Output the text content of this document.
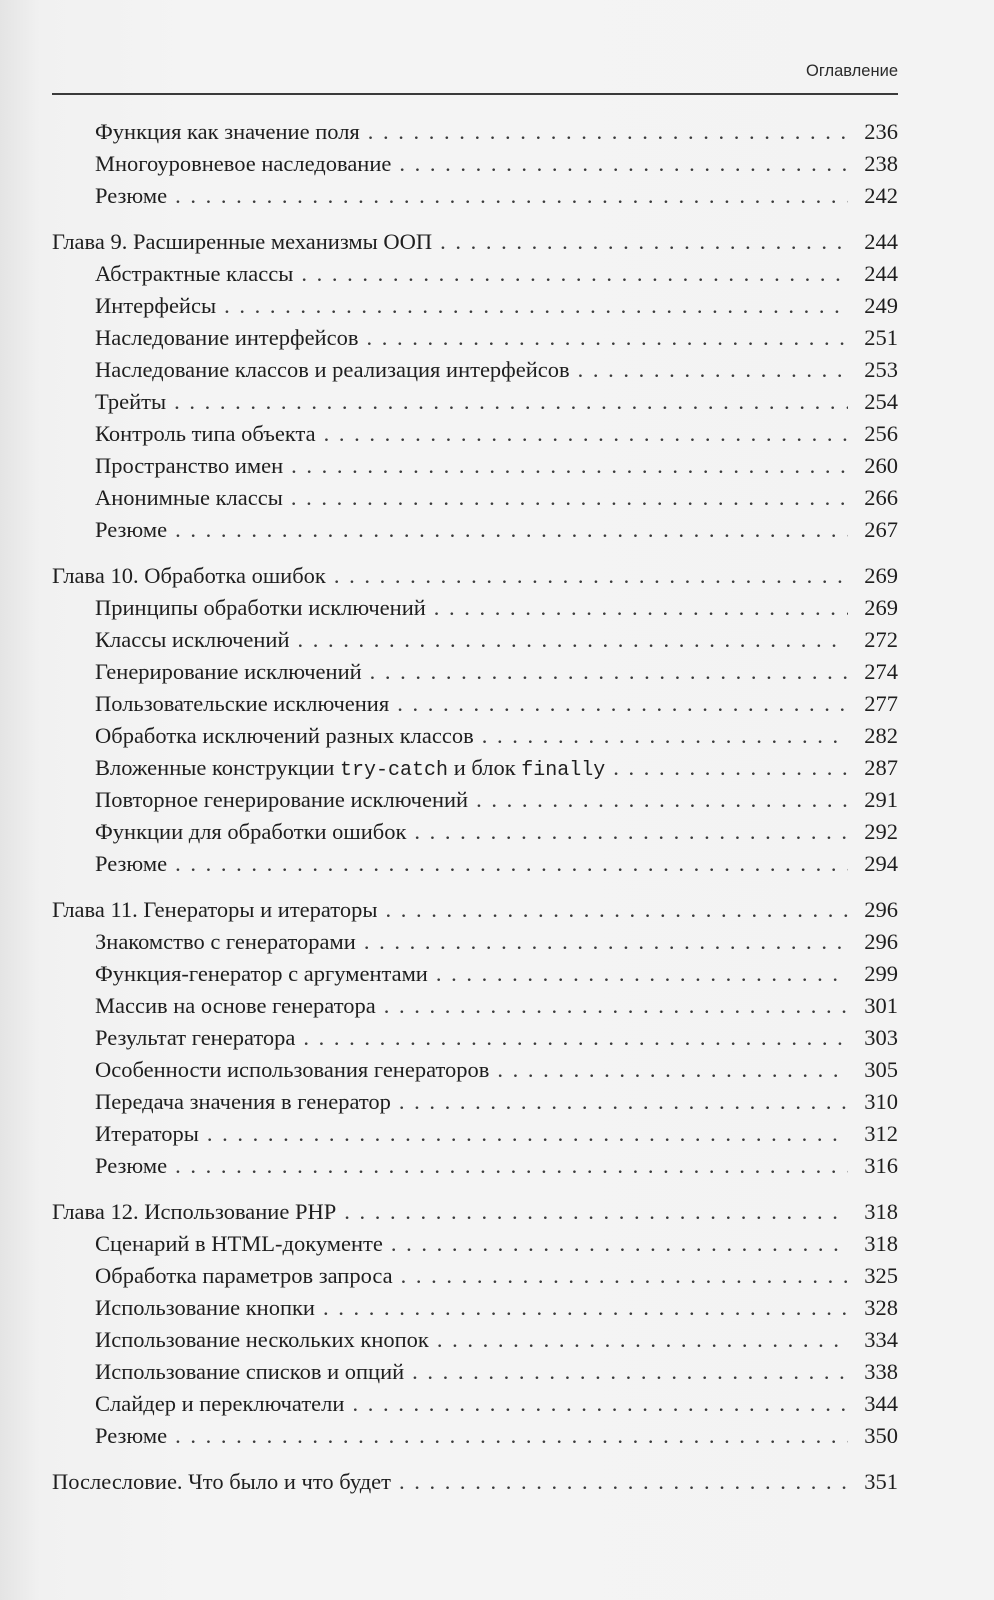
Оглавление
Функция как значение поля . . .	236
Многоуровневое наследование . . .	238
Резюме . . .	242
Глава 9. Расширенные механизмы ООП . . .	244
Абстрактные классы . . .	244
Интерфейсы . . .	249
Наследование интерфейсов . . .	251
Наследование классов и реализация интерфейсов . . .	253
Трейты . . .	254
Контроль типа объекта . . .	256
Пространство имен . . .	260
Анонимные классы . . .	266
Резюме . . .	267
Глава 10. Обработка ошибок . . .	269
Принципы обработки исключений . . .	269
Классы исключений . . .	272
Генерирование исключений . . .	274
Пользовательские исключения . . .	277
Обработка исключений разных классов . . .	282
Вложенные конструкции try-catch и блок finally . . .	287
Повторное генерирование исключений . . .	291
Функции для обработки ошибок . . .	292
Резюме . . .	294
Глава 11. Генераторы и итераторы . . .	296
Знакомство с генераторами . . .	296
Функция-генератор с аргументами . . .	299
Массив на основе генератора . . .	301
Результат генератора . . .	303
Особенности использования генераторов . . .	305
Передача значения в генератор . . .	310
Итераторы . . .	312
Резюме . . .	316
Глава 12. Использование PHP . . .	318
Сценарий в HTML-документе . . .	318
Обработка параметров запроса . . .	325
Использование кнопки . . .	328
Использование нескольких кнопок . . .	334
Использование списков и опций . . .	338
Слайдер и переключатели . . .	344
Резюме . . .	350
Послесловие. Что было и что будет . . .	351
